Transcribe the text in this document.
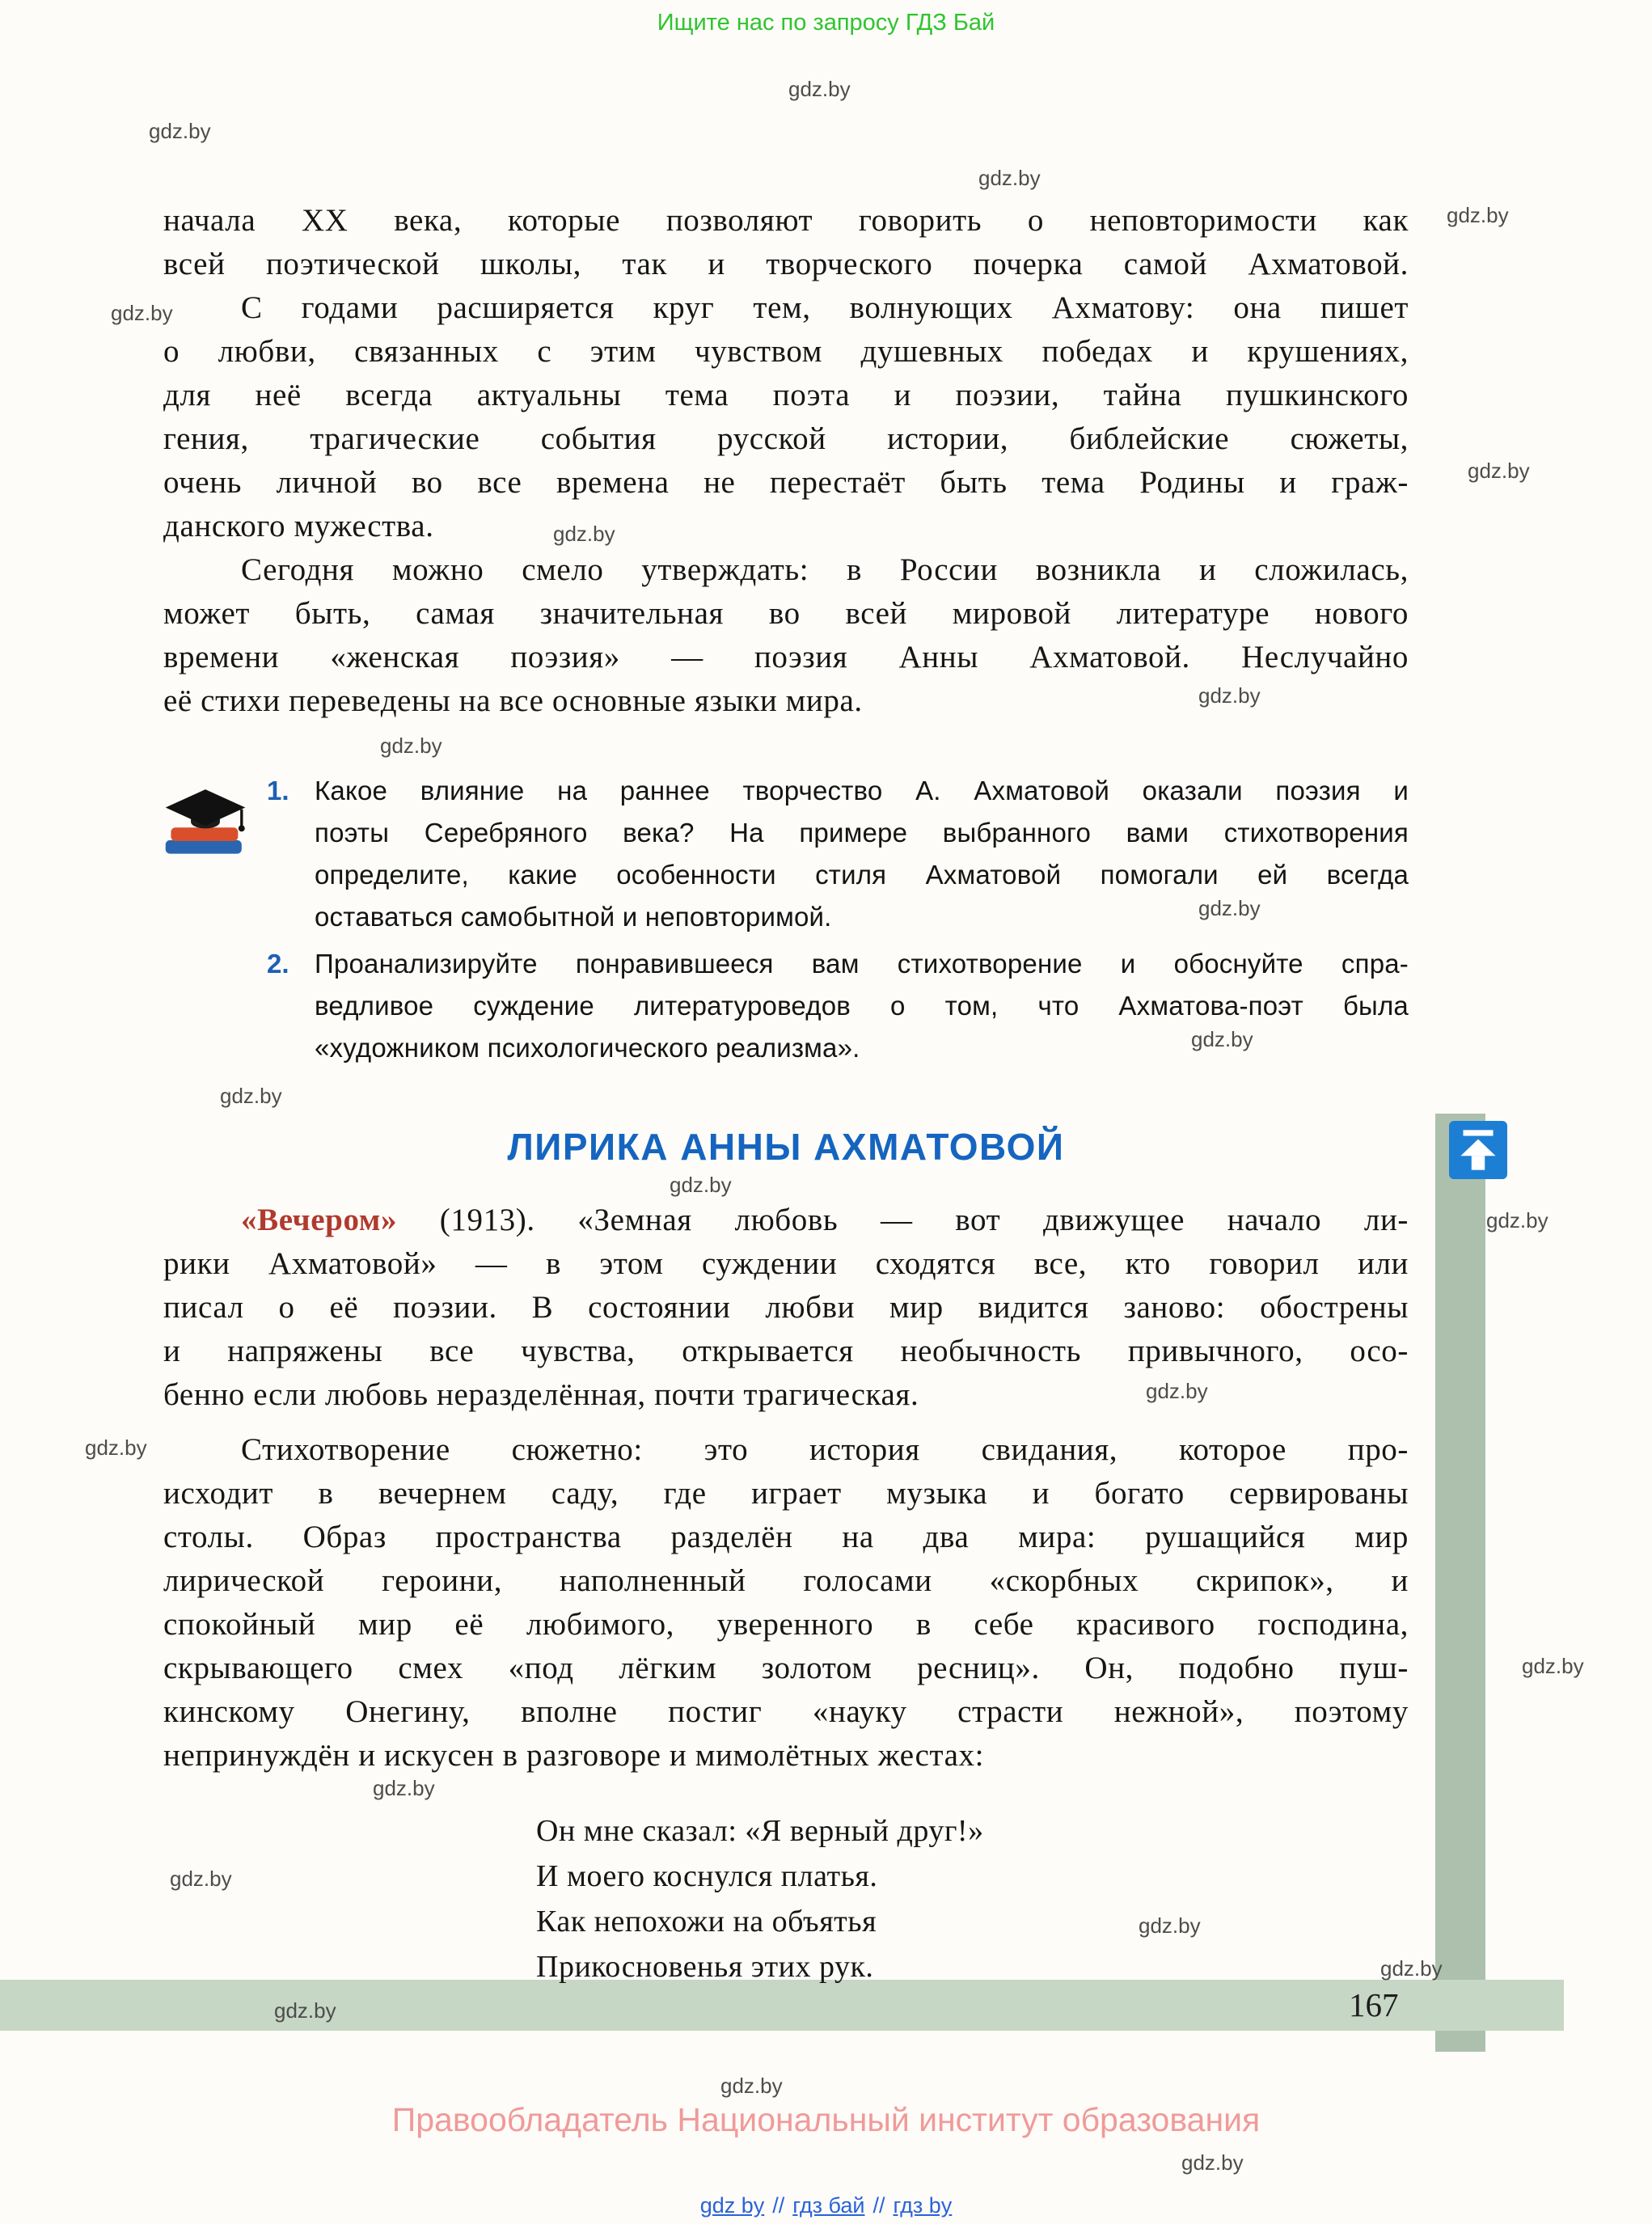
Ищите нас по запросу ГДЗ Бай
gdz.by
gdz.by
gdz.by
gdz.by
gdz.by
gdz.by
gdz.by
gdz.by
gdz.by
gdz.by
gdz.by
gdz.by
gdz.by
gdz.by
gdz.by
gdz.by
gdz.by
gdz.by
gdz.by
gdz.by
gdz.by
gdz.by
gdz.by
gdz.by
начала XX века, которые позволяют говорить о неповторимости как
всей поэтической школы, так и творческого почерка самой Ахматовой.
С годами расширяется круг тем, волнующих Ахматову: она пишет
о любви, связанных с этим чувством душевных победах и крушениях,
для неё всегда актуальны тема поэта и поэзии, тайна пушкинского
гения, трагические события русской истории, библейские сюжеты,
очень личной во все времена не перестаёт быть тема Родины и граж-
данского мужества.
Сегодня можно смело утверждать: в России возникла и сложилась,
может быть, самая значительная во всей мировой литературе нового
времени «женская поэзия» — поэзия Анны Ахматовой. Неслучайно
её стихи переведены на все основные языки мира.
1. Какое влияние на раннее творчество А. Ахматовой оказали поэзия и
поэты Серебряного века? На примере выбранного вами стихотворения
определите, какие особенности стиля Ахматовой помогали ей всегда
оставаться самобытной и неповторимой.
2. Проанализируйте понравившееся вам стихотворение и обоснуйте спра-
ведливое суждение литературоведов о том, что Ахматова-поэт была
«художником психологического реализма».
ЛИРИКА АННЫ АХМАТОВОЙ
«Вечером» (1913). «Земная любовь — вот движущее начало ли-
рики Ахматовой» — в этом суждении сходятся все, кто говорил или
писал о её поэзии. В состоянии любви мир видится заново: обострены
и напряжены все чувства, открывается необычность привычного, осо-
бенно если любовь неразделённая, почти трагическая.
Стихотворение сюжетно: это история свидания, которое про-
исходит в вечернем саду, где играет музыка и богато сервированы
столы. Образ пространства разделён на два мира: рушащийся мир
лирической героини, наполненный голосами «скорбных скрипок», и
спокойный мир её любимого, уверенного в себе красивого господина,
скрывающего смех «под лёгким золотом ресниц». Он, подобно пуш-
кинскому Онегину, вполне постиг «науку страсти нежной», поэтому
непринуждён и искусен в разговоре и мимолётных жестах:
Он мне сказал: «Я верный друг!»
И моего коснулся платья.
Как непохожи на объятья
Прикосновенья этих рук.
167
Правообладатель Национальный институт образования
gdz by // гдз бай // гдз by
